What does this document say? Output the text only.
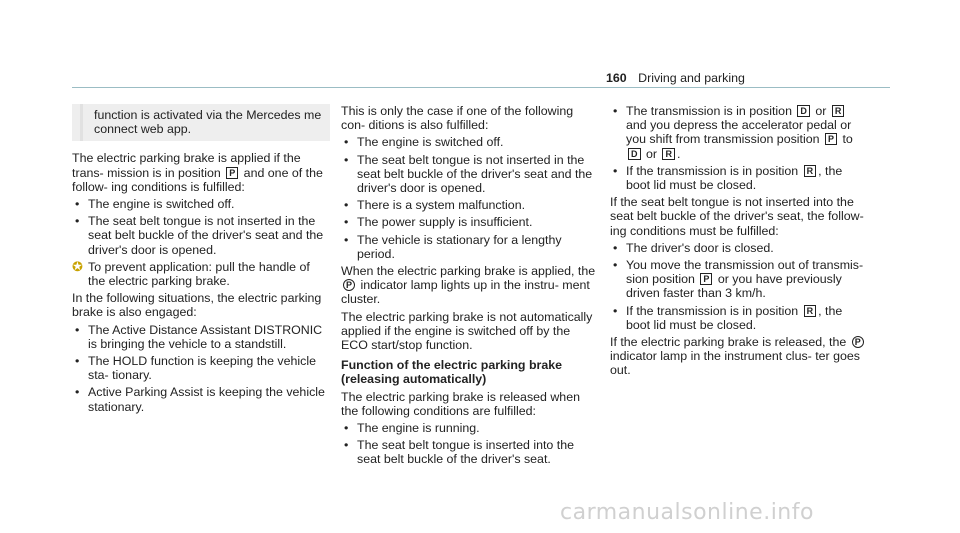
160 Driving and parking
function is activated via the Mercedes me connect web app.

The electric parking brake is applied if the trans- mission is in position P and one of the follow- ing conditions is fulfilled:

• The engine is switched off.
• The seat belt tongue is not inserted in the seat belt buckle of the driver's seat and the driver's door is opened.
✪ To prevent application: pull the handle of the electric parking brake.

In the following situations, the electric parking brake is also engaged:

• The Active Distance Assistant DISTRONIC is bringing the vehicle to a standstill.
• The HOLD function is keeping the vehicle sta- tionary.
• Active Parking Assist is keeping the vehicle stationary.

This is only the case if one of the following con- ditions is also fulfilled:

• The engine is switched off.
• The seat belt tongue is not inserted in the seat belt buckle of the driver's seat and the driver's door is opened.
• There is a system malfunction.
• The power supply is insufficient.
• The vehicle is stationary for a lengthy period.

When the electric parking brake is applied, the P indicator lamp lights up in the instru- ment cluster.

The electric parking brake is not automatically applied if the engine is switched off by the ECO start/stop function.

Function of the electric parking brake (releasing automatically)

The electric parking brake is released when the following conditions are fulfilled:

• The engine is running.
• The seat belt tongue is inserted into the seat belt buckle of the driver's seat.
• The transmission is in position D or R and you depress the accelerator pedal or you shift from transmission position P to D or R .
• If the transmission is in position R , the boot lid must be closed.

If the seat belt tongue is not inserted into the seat belt buckle of the driver's seat, the follow- ing conditions must be fulfilled:

• The driver's door is closed.
• You move the transmission out of transmis- sion position P or you have previously driven faster than 3 km/h.
• If the transmission is in position R , the boot lid must be closed.

If the electric parking brake is released, the P indicator lamp in the instrument clus- ter goes out.

carmanualsonline.info
